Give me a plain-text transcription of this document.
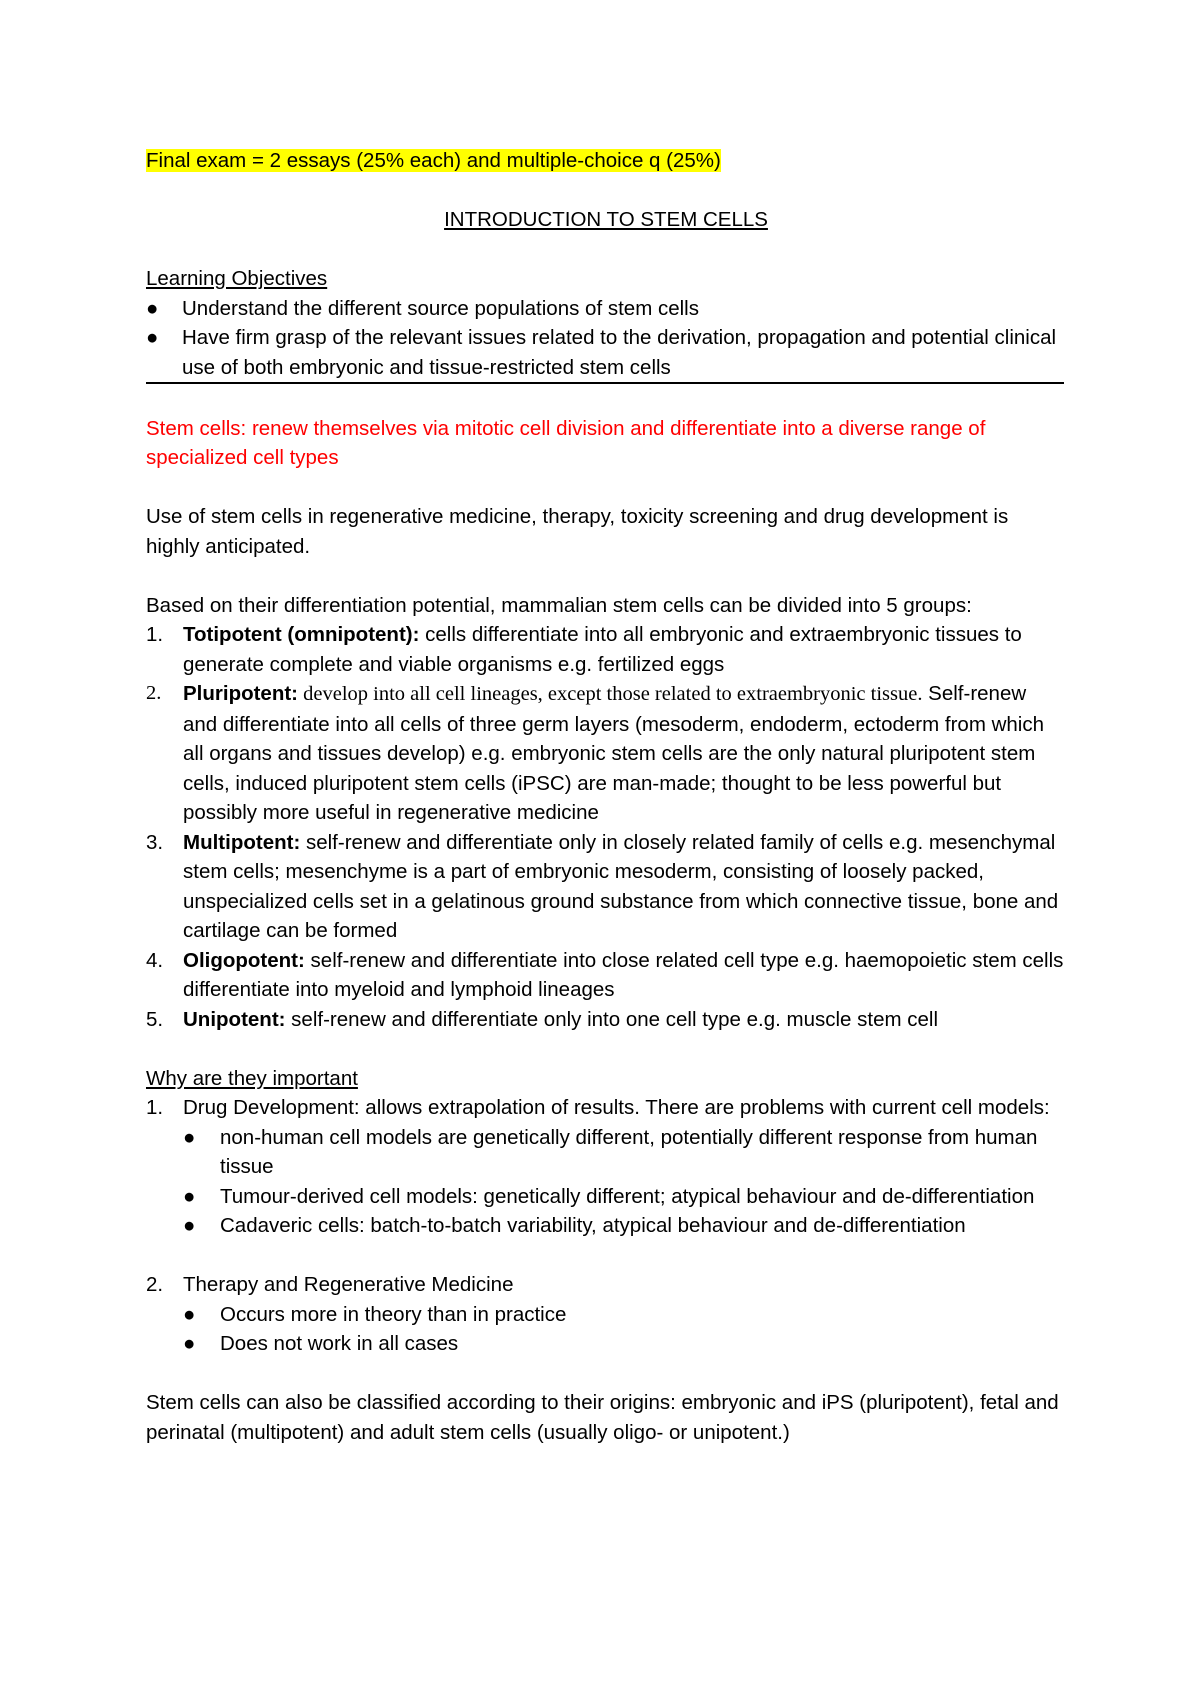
Final exam = 2 essays (25% each) and multiple-choice q (25%)

INTRODUCTION TO STEM CELLS

Learning Objectives

●	Understand the different source populations of stem cells
●	Have firm grasp of the relevant issues related to the derivation, propagation and potential clinical use of both embryonic and tissue-restricted stem cells

Stem cells: renew themselves via mitotic cell division and differentiate into a diverse range of specialized cell types

Use of stem cells in regenerative medicine, therapy, toxicity screening and drug development is highly anticipated.

Based on their differentiation potential, mammalian stem cells can be divided into 5 groups:

1. Totipotent (omnipotent): cells differentiate into all embryonic and extraembryonic tissues to generate complete and viable organisms e.g. fertilized eggs
2. Pluripotent: develop into all cell lineages, except those related to extraembryonic tissue. Self-renew and differentiate into all cells of three germ layers (mesoderm, endoderm, ectoderm from which all organs and tissues develop) e.g. embryonic stem cells are the only natural pluripotent stem cells, induced pluripotent stem cells (iPSC) are man-made; thought to be less powerful but possibly more useful in regenerative medicine
3. Multipotent: self-renew and differentiate only in closely related family of cells e.g. mesenchymal stem cells; mesenchyme is a part of embryonic mesoderm, consisting of loosely packed, unspecialized cells set in a gelatinous ground substance from which connective tissue, bone and cartilage can be formed
4. Oligopotent: self-renew and differentiate into close related cell type e.g. haemopoietic stem cells differentiate into myeloid and lymphoid lineages
5. Unipotent: self-renew and differentiate only into one cell type e.g. muscle stem cell

Why are they important

1. Drug Development: allows extrapolation of results. There are problems with current cell models:
● non-human cell models are genetically different, potentially different response from human tissue
● Tumour-derived cell models: genetically different; atypical behaviour and de-differentiation
● Cadaveric cells: batch-to-batch variability, atypical behaviour and de-differentiation
2. Therapy and Regenerative Medicine
● Occurs more in theory than in practice
● Does not work in all cases

Stem cells can also be classified according to their origins: embryonic and iPS (pluripotent), fetal and perinatal (multipotent) and adult stem cells (usually oligo- or unipotent.)
